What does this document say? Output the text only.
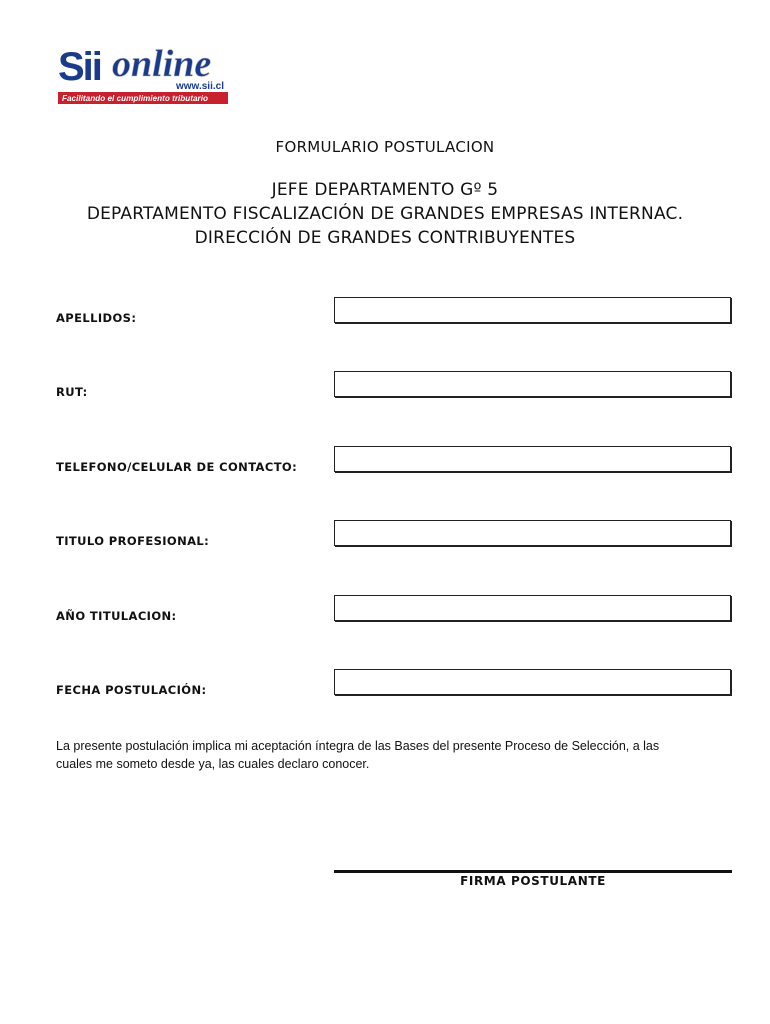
Sii online
www.sii.cl
Facilitando el cumplimiento tributario
FORMULARIO POSTULACION
JEFE DEPARTAMENTO Gº 5
DEPARTAMENTO FISCALIZACIÓN DE GRANDES EMPRESAS INTERNAC.
DIRECCIÓN DE GRANDES CONTRIBUYENTES
APELLIDOS:
RUT:
TELEFONO/CELULAR DE CONTACTO:
TITULO PROFESIONAL:
AÑO TITULACION:
FECHA POSTULACIÓN:
La presente postulación implica mi aceptación íntegra de las Bases del presente Proceso de Selección, a las
cuales me someto desde ya, las cuales declaro conocer.
FIRMA POSTULANTE
